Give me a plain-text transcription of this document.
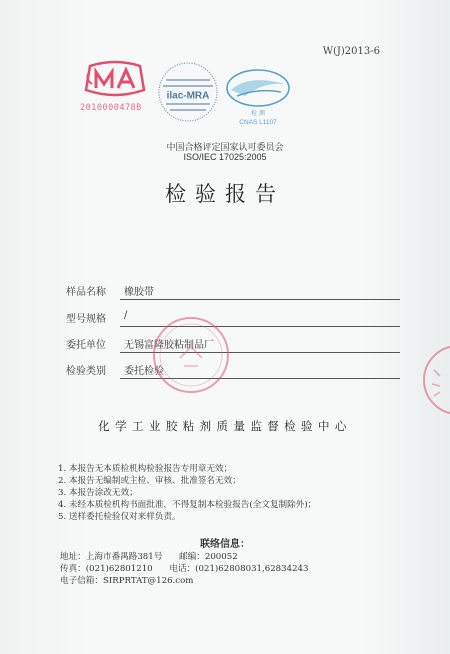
W(J)2013-6
2010000478B
ilac-MRA
检 测
CNAS L1107
中国合格评定国家认可委员会
ISO/IEC 17025:2005
检验报告
样品名称 橡胶带
型号规格 /
委托单位 无锡富隆胶粘制品厂
检验类别 委托检验
化学工业胶粘剂质量监督检验中心
1. 本报告无本质检机构检验报告专用章无效；
2. 本报告无编制或主检、审核、批准签名无效；
3. 本报告涂改无效；
4. 未经本质检机构书面批准，不得复制本检验报告(全文复制除外)；
5. 送样委托检验仅对来样负责。
联络信息：
地址：上海市番禺路381号 邮编：200052
传真：(021)62801210 电话：(021)62808031,62834243
电子信箱：SIRPRTAT@126.com
